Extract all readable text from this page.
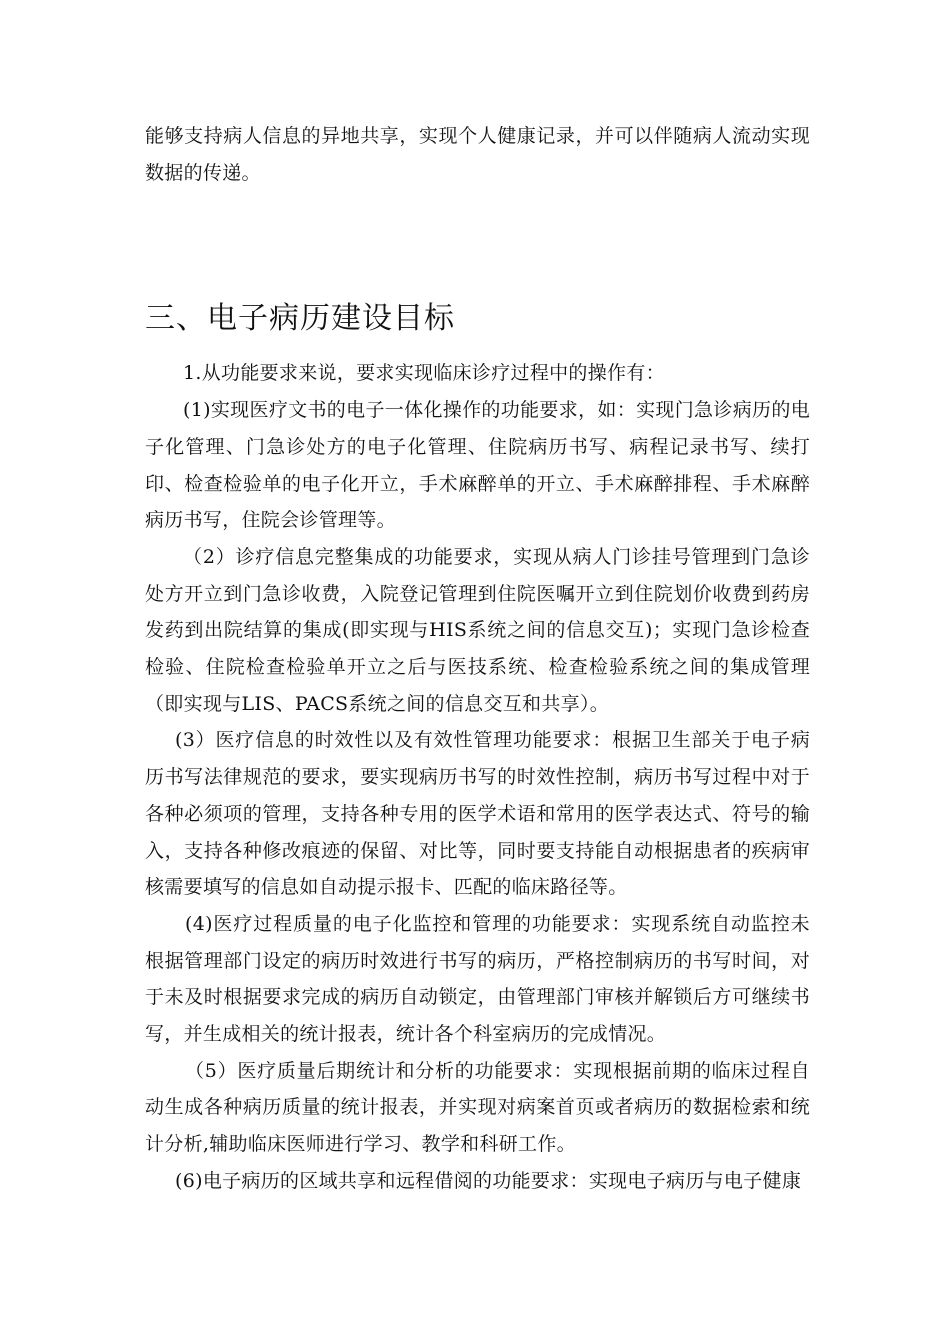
能够支持病人信息的异地共享，实现个人健康记录，并可以伴随病人流动实现数据的传递。

三、电子病历建设目标

1.从功能要求来说，要求实现临床诊疗过程中的操作有：

(1)实现医疗文书的电子一体化操作的功能要求，如：实现门急诊病历的电子化管理、门急诊处方的电子化管理、住院病历书写、病程记录书写、续打印、检查检验单的电子化开立，手术麻醉单的开立、手术麻醉排程、手术麻醉病历书写，住院会诊管理等。

（2）诊疗信息完整集成的功能要求，实现从病人门诊挂号管理到门急诊处方开立到门急诊收费，入院登记管理到住院医嘱开立到住院划价收费到药房发药到出院结算的集成(即实现与HIS系统之间的信息交互)；实现门急诊检查检验、住院检查检验单开立之后与医技系统、检查检验系统之间的集成管理（即实现与LIS、PACS系统之间的信息交互和共享）。

(3）医疗信息的时效性以及有效性管理功能要求：根据卫生部关于电子病历书写法律规范的要求，要实现病历书写的时效性控制，病历书写过程中对于各种必须项的管理，支持各种专用的医学术语和常用的医学表达式、符号的输入，支持各种修改痕迹的保留、对比等，同时要支持能自动根据患者的疾病审核需要填写的信息如自动提示报卡、匹配的临床路径等。

(4)医疗过程质量的电子化监控和管理的功能要求：实现系统自动监控未根据管理部门设定的病历时效进行书写的病历，严格控制病历的书写时间，对于未及时根据要求完成的病历自动锁定，由管理部门审核并解锁后方可继续书写，并生成相关的统计报表，统计各个科室病历的完成情况。

（5）医疗质量后期统计和分析的功能要求：实现根据前期的临床过程自动生成各种病历质量的统计报表，并实现对病案首页或者病历的数据检索和统计分析,辅助临床医师进行学习、教学和科研工作。

(6)电子病历的区域共享和远程借阅的功能要求：实现电子病历与电子健康
